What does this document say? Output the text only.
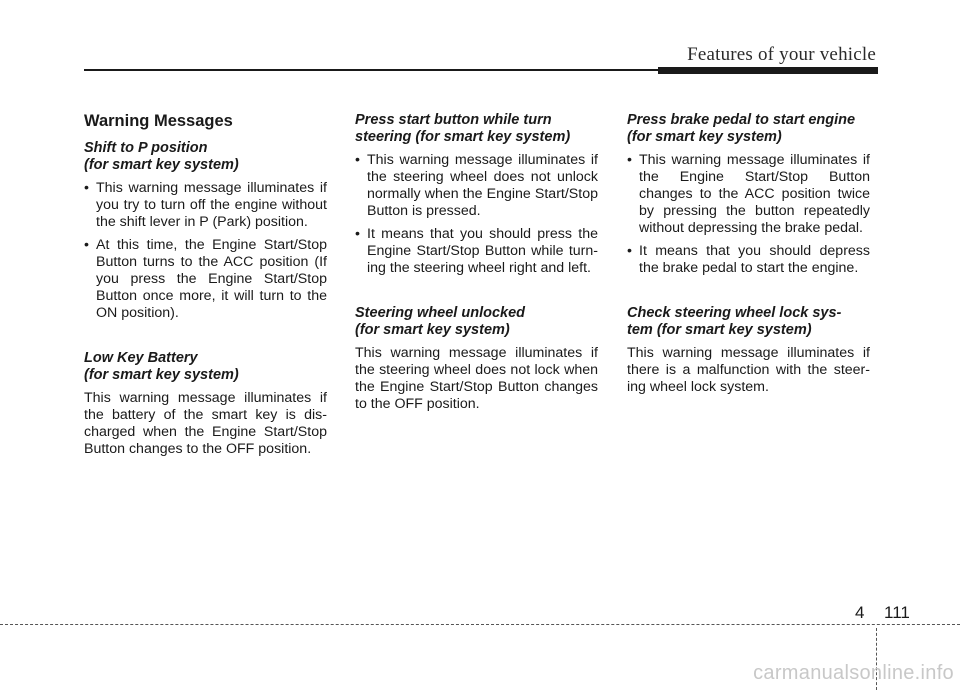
Features of your vehicle
Warning Messages
Shift to P position
(for smart key system)
• This warning message illuminates if you try to turn off the engine without the shift lever in P (Park) position.
• At this time, the Engine Start/Stop Button turns to the ACC position (If you press the Engine Start/Stop Button once more, it will turn to the ON position).
Low Key Battery
(for smart key system)

This warning message illuminates if the battery of the smart key is dis-charged when the Engine Start/Stop Button changes to the OFF position.

Press start button while turn
steering (for smart key system)
• This warning message illuminates if the steering wheel does not unlock normally when the Engine Start/Stop Button is pressed.
• It means that you should press the Engine Start/Stop Button while turn-ing the steering wheel right and left.
Steering wheel unlocked
(for smart key system)

This warning message illuminates if the steering wheel does not lock when the Engine Start/Stop Button changes to the OFF position.

Press brake pedal to start engine
(for smart key system)
• This warning message illuminates if the Engine Start/Stop Button changes to the ACC position twice by pressing the button repeatedly without depressing the brake pedal.
• It means that you should depress the brake pedal to start the engine.
Check steering wheel lock sys-
tem (for smart key system)

This warning message illuminates if there is a malfunction with the steer-ing wheel lock system.

4 111
carmanualsonline.info
